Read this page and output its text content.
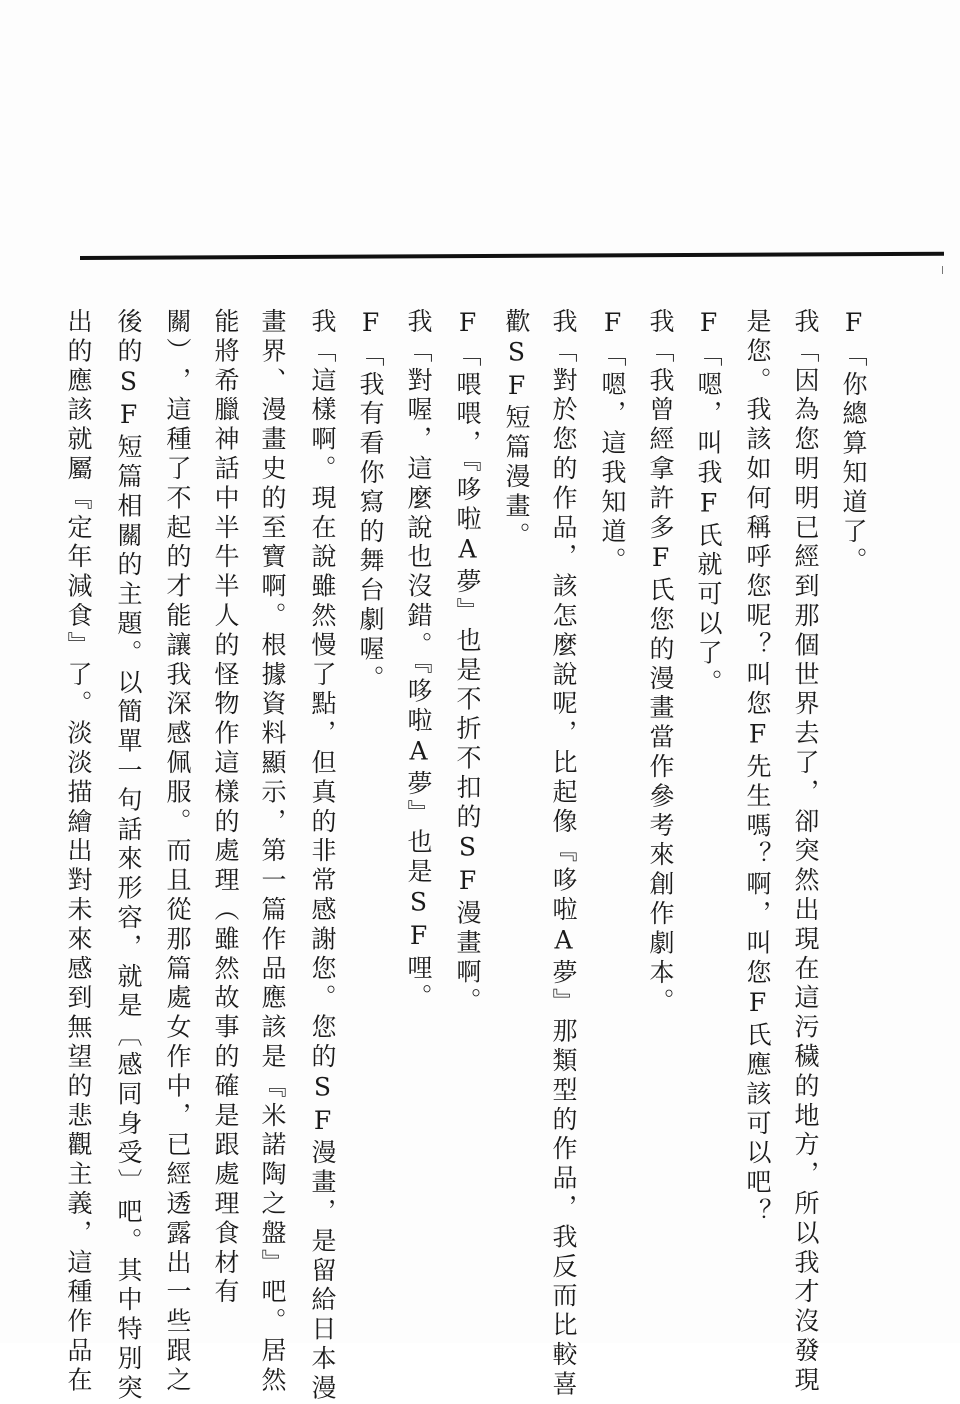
F「你總算知道了。
我「因為您明明已經到那個世界去了，卻突然出現在這污穢的地方，所以我才沒發現
是您。我該如何稱呼您呢？叫您F先生嗎？啊，叫您F氏應該可以吧？
F「嗯，叫我F氏就可以了。
我「我曾經拿許多F氏您的漫畫當作參考來創作劇本。
F「嗯，這我知道。
我「對於您的作品，該怎麼說呢，比起像『哆啦A夢』那類型的作品，我反而比較喜
歡SF短篇漫畫。
F「喂喂，『哆啦A夢』也是不折不扣的SF漫畫啊。
我「對喔，這麼說也沒錯。『哆啦A夢』也是SF哩。
F「我有看你寫的舞台劇喔。
我「這樣啊。現在說雖然慢了點，但真的非常感謝您。您的SF漫畫，是留給日本漫
畫界、漫畫史的至寶啊。根據資料顯示，第一篇作品應該是『米諾陶之盤』吧。居然
能將希臘神話中半牛半人的怪物作這樣的處理︵雖然故事的確是跟處理食材有
關︶，這種了不起的才能讓我深感佩服。而且從那篇處女作中，已經透露出一些跟之
後的SF短篇相關的主題。以簡單一句話來形容，就是︹感同身受︺吧。其中特別突
出的應該就屬『定年減食』了。淡淡描繪出對未來感到無望的悲觀主義，這種作品在
